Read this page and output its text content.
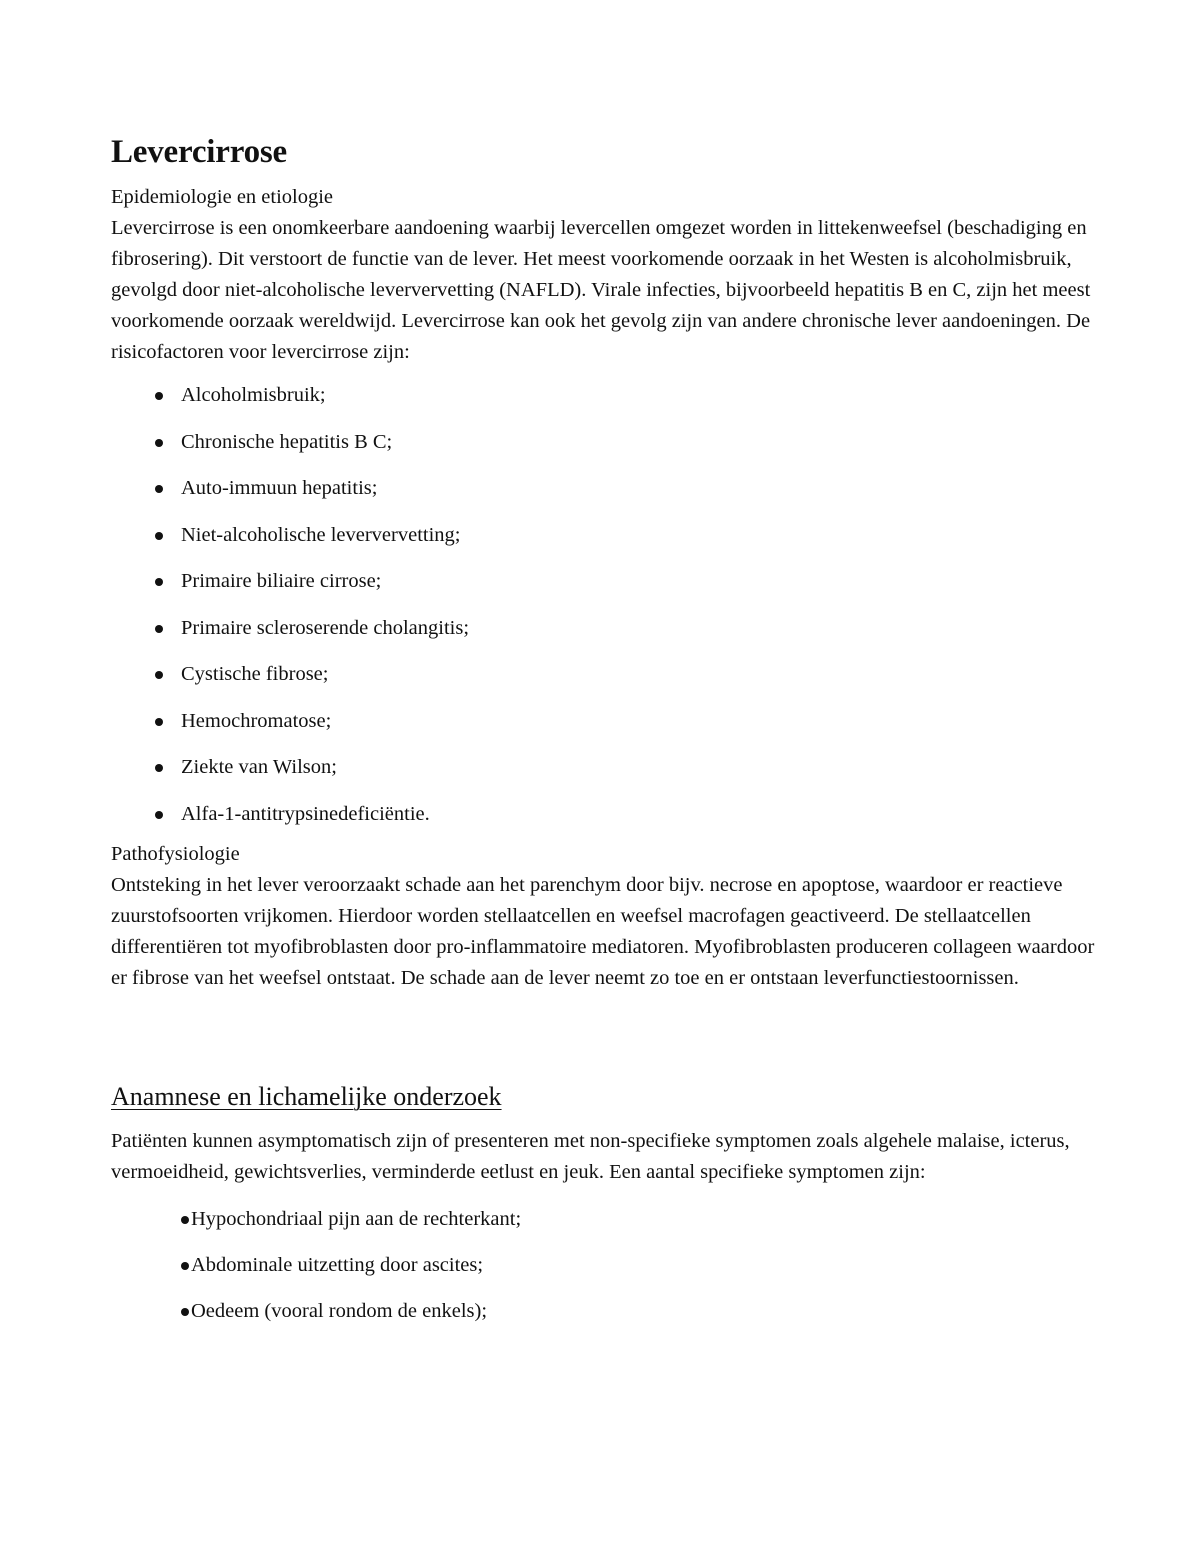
Levercirrose

Epidemiologie en etiologie

Levercirrose is een onomkeerbare aandoening waarbij levercellen omgezet worden in littekenweefsel (beschadiging en fibrosering). Dit verstoort de functie van de lever. Het meest voorkomende oorzaak in het Westen is alcoholmisbruik, gevolgd door niet-alcoholische leververvetting (NAFLD). Virale infecties, bijvoorbeeld hepatitis B en C, zijn het meest voorkomende oorzaak wereldwijd. Levercirrose kan ook het gevolg zijn van andere chronische lever aandoeningen. De risicofactoren voor levercirrose zijn:

Alcoholmisbruik;
Chronische hepatitis B C;
Auto-immuun hepatitis;
Niet-alcoholische leververvetting;
Primaire biliaire cirrose;
Primaire scleroserende cholangitis;
Cystische fibrose;
Hemochromatose;
Ziekte van Wilson;
Alfa-1-antitrypsinedeficiëntie.

Pathofysiologie

Ontsteking in het lever veroorzaakt schade aan het parenchym door bijv. necrose en apoptose, waardoor er reactieve zuurstofsoorten vrijkomen. Hierdoor worden stellaatcellen en weefsel macrofagen geactiveerd. De stellaatcellen differentiëren tot myofibroblasten door pro-inflammatoire mediatoren. Myofibroblasten produceren collageen waardoor er fibrose van het weefsel ontstaat. De schade aan de lever neemt zo toe en er ontstaan leverfunctiestoornissen.

Anamnese en lichamelijke onderzoek

Patiënten kunnen asymptomatisch zijn of presenteren met non-specifieke symptomen zoals algehele malaise, icterus, vermoeidheid, gewichtsverlies, verminderde eetlust en jeuk. Een aantal specifieke symptomen zijn:

Hypochondriaal pijn aan de rechterkant;
Abdominale uitzetting door ascites;
Oedeem (vooral rondom de enkels);
